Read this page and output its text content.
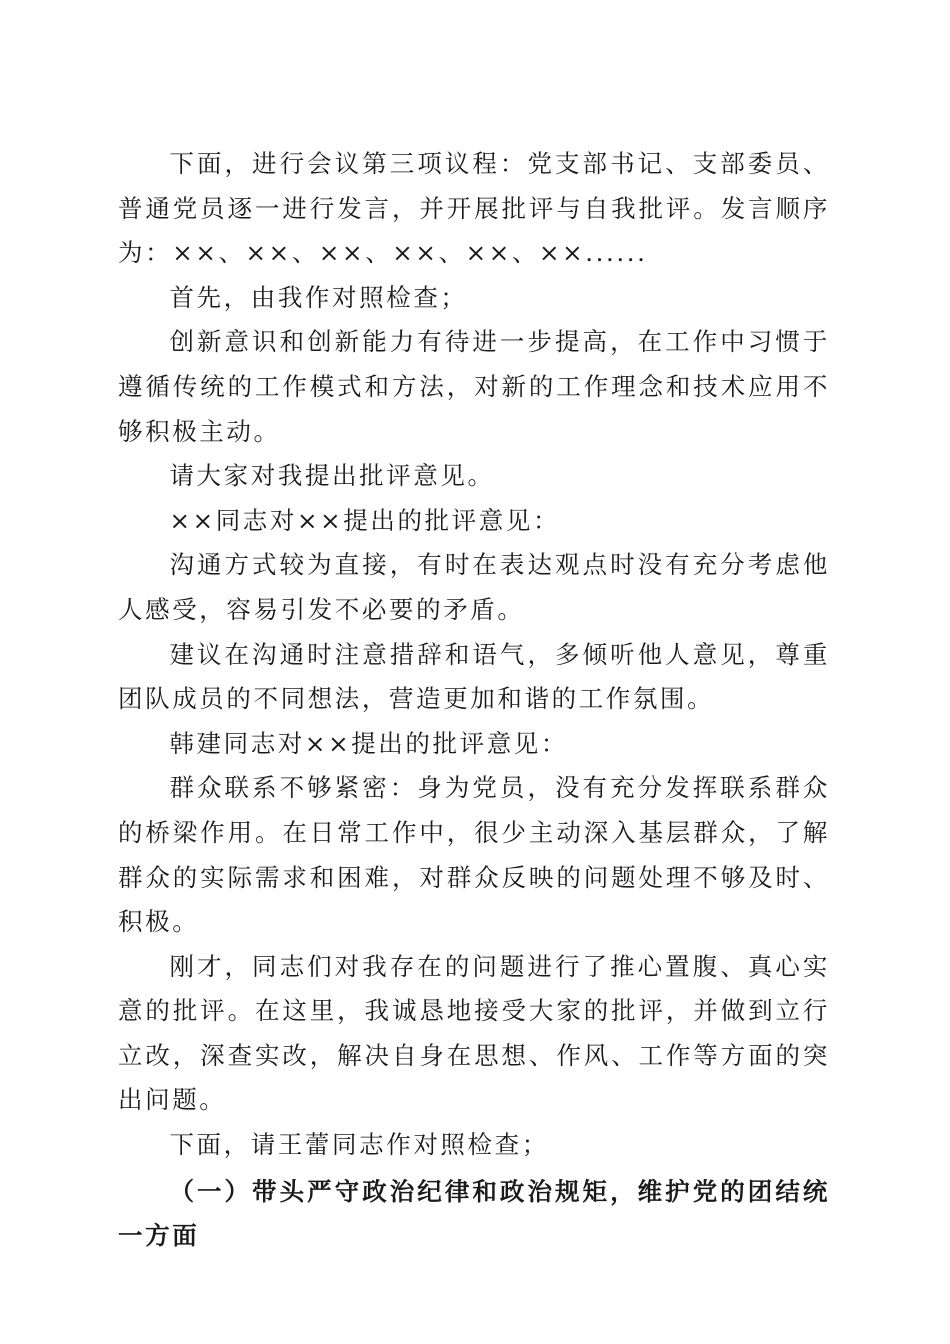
下面，进行会议第三项议程：党支部书记、支部委员、普通党员逐一进行发言，并开展批评与自我批评。发言顺序为：××、××、××、××、××、××......

首先，由我作对照检查；

创新意识和创新能力有待进一步提高，在工作中习惯于遵循传统的工作模式和方法，对新的工作理念和技术应用不够积极主动。

请大家对我提出批评意见。

××同志对××提出的批评意见：

沟通方式较为直接，有时在表达观点时没有充分考虑他人感受，容易引发不必要的矛盾。

建议在沟通时注意措辞和语气，多倾听他人意见，尊重团队成员的不同想法，营造更加和谐的工作氛围。

韩建同志对××提出的批评意见：

群众联系不够紧密：身为党员，没有充分发挥联系群众的桥梁作用。在日常工作中，很少主动深入基层群众，了解群众的实际需求和困难，对群众反映的问题处理不够及时、积极。

刚才，同志们对我存在的问题进行了推心置腹、真心实意的批评。在这里，我诚恳地接受大家的批评，并做到立行立改，深查实改，解决自身在思想、作风、工作等方面的突出问题。

下面，请王蕾同志作对照检查；

（一）带头严守政治纪律和政治规矩，维护党的团结统一方面
